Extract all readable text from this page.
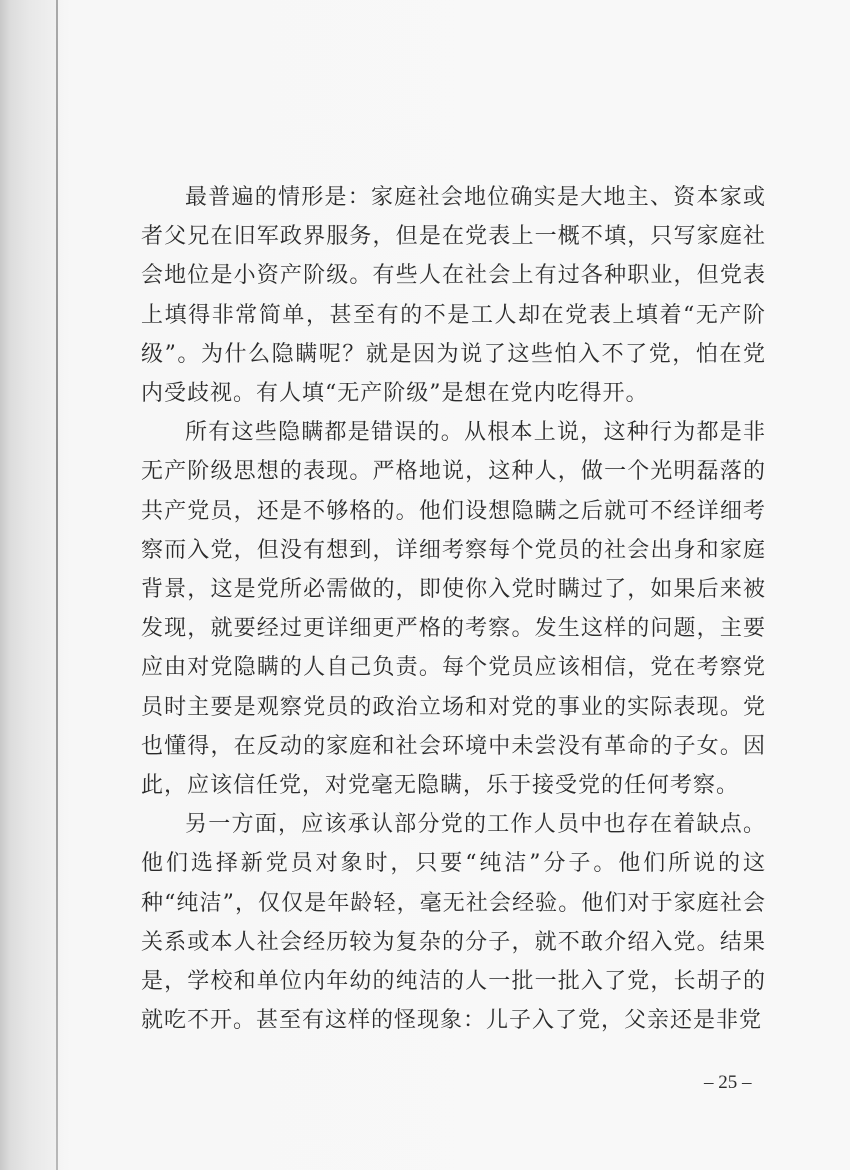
最普遍的情形是：家庭社会地位确实是大地主、资本家或者父兄在旧军政界服务，但是在党表上一概不填，只写家庭社会地位是小资产阶级。有些人在社会上有过各种职业，但党表上填得非常简单，甚至有的不是工人却在党表上填着“无产阶级”。为什么隐瞒呢？就是因为说了这些怕入不了党，怕在党内受歧视。有人填“无产阶级”是想在党内吃得开。

所有这些隐瞒都是错误的。从根本上说，这种行为都是非无产阶级思想的表现。严格地说，这种人，做一个光明磊落的共产党员，还是不够格的。他们设想隐瞒之后就可不经详细考察而入党，但没有想到，详细考察每个党员的社会出身和家庭背景，这是党所必需做的，即使你入党时瞒过了，如果后来被发现，就要经过更详细更严格的考察。发生这样的问题，主要应由对党隐瞒的人自己负责。每个党员应该相信，党在考察党员时主要是观察党员的政治立场和对党的事业的实际表现。党也懂得，在反动的家庭和社会环境中未尝没有革命的子女。因此，应该信任党，对党毫无隐瞒，乐于接受党的任何考察。

另一方面，应该承认部分党的工作人员中也存在着缺点。他们选择新党员对象时，只要“纯洁”分子。他们所说的这种“纯洁”，仅仅是年龄轻，毫无社会经验。他们对于家庭社会关系或本人社会经历较为复杂的分子，就不敢介绍入党。结果是，学校和单位内年幼的纯洁的人一批一批入了党，长胡子的就吃不开。甚至有这样的怪现象：儿子入了党，父亲还是非党

– 25 –
